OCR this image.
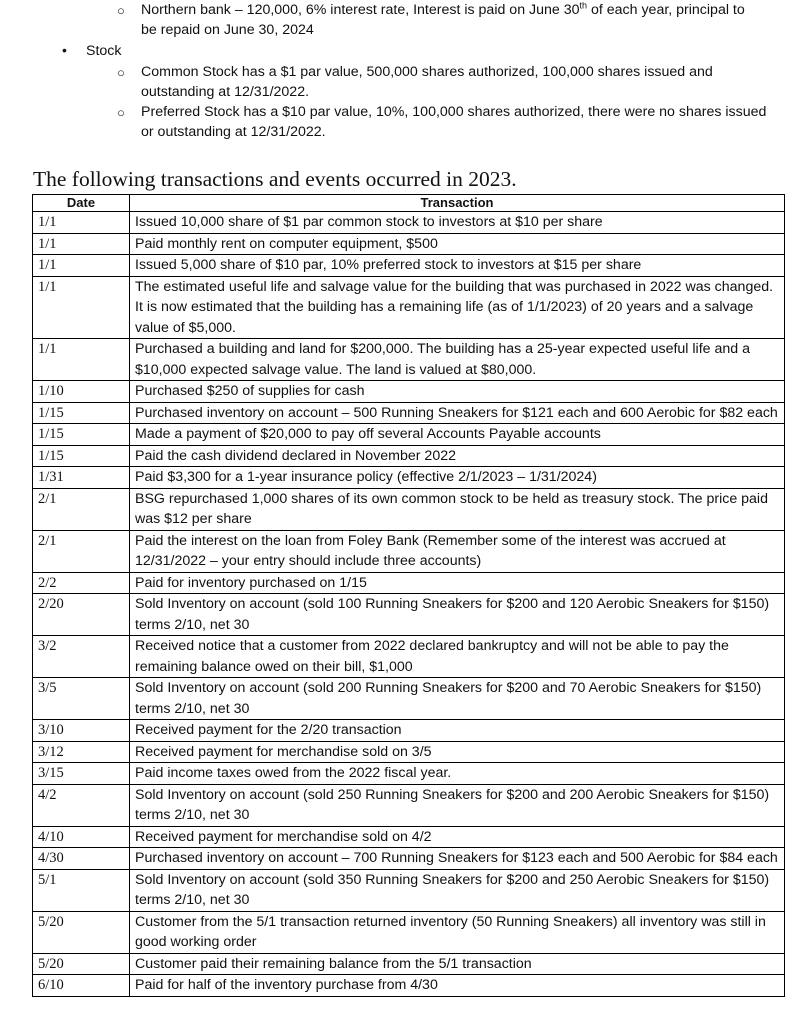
○ Northern bank – 120,000, 6% interest rate, Interest is paid on June 30th of each year, principal to
be repaid on June 30, 2024
• Stock
○ Common Stock has a $1 par value, 500,000 shares authorized, 100,000 shares issued and
outstanding at 12/31/2022.
○ Preferred Stock has a $10 par value, 10%, 100,000 shares authorized, there were no shares issued
or outstanding at 12/31/2022.
The following transactions and events occurred in 2023.
Date	Transaction
1/1	Issued 10,000 share of $1 par common stock to investors at $10 per share
1/1	Paid monthly rent on computer equipment, $500
1/1	Issued 5,000 share of $10 par, 10% preferred stock to investors at $15 per share
1/1	The estimated useful life and salvage value for the building that was purchased in 2022 was changed. It is now estimated that the building has a remaining life (as of 1/1/2023) of 20 years and a salvage value of $5,000.
1/1	Purchased a building and land for $200,000. The building has a 25-year expected useful life and a $10,000 expected salvage value. The land is valued at $80,000.
1/10	Purchased $250 of supplies for cash
1/15	Purchased inventory on account – 500 Running Sneakers for $121 each and 600 Aerobic for $82 each
1/15	Made a payment of $20,000 to pay off several Accounts Payable accounts
1/15	Paid the cash dividend declared in November 2022
1/31	Paid $3,300 for a 1-year insurance policy (effective 2/1/2023 – 1/31/2024)
2/1	BSG repurchased 1,000 shares of its own common stock to be held as treasury stock. The price paid was $12 per share
2/1	Paid the interest on the loan from Foley Bank (Remember some of the interest was accrued at 12/31/2022 – your entry should include three accounts)
2/2	Paid for inventory purchased on 1/15
2/20	Sold Inventory on account (sold 100 Running Sneakers for $200 and 120 Aerobic Sneakers for $150) terms 2/10, net 30
3/2	Received notice that a customer from 2022 declared bankruptcy and will not be able to pay the remaining balance owed on their bill, $1,000
3/5	Sold Inventory on account (sold 200 Running Sneakers for $200 and 70 Aerobic Sneakers for $150) terms 2/10, net 30
3/10	Received payment for the 2/20 transaction
3/12	Received payment for merchandise sold on 3/5
3/15	Paid income taxes owed from the 2022 fiscal year.
4/2	Sold Inventory on account (sold 250 Running Sneakers for $200 and 200 Aerobic Sneakers for $150) terms 2/10, net 30
4/10	Received payment for merchandise sold on 4/2
4/30	Purchased inventory on account – 700 Running Sneakers for $123 each and 500 Aerobic for $84 each
5/1	Sold Inventory on account (sold 350 Running Sneakers for $200 and 250 Aerobic Sneakers for $150) terms 2/10, net 30
5/20	Customer from the 5/1 transaction returned inventory (50 Running Sneakers) all inventory was still in good working order
5/20	Customer paid their remaining balance from the 5/1 transaction
6/10	Paid for half of the inventory purchase from 4/30
